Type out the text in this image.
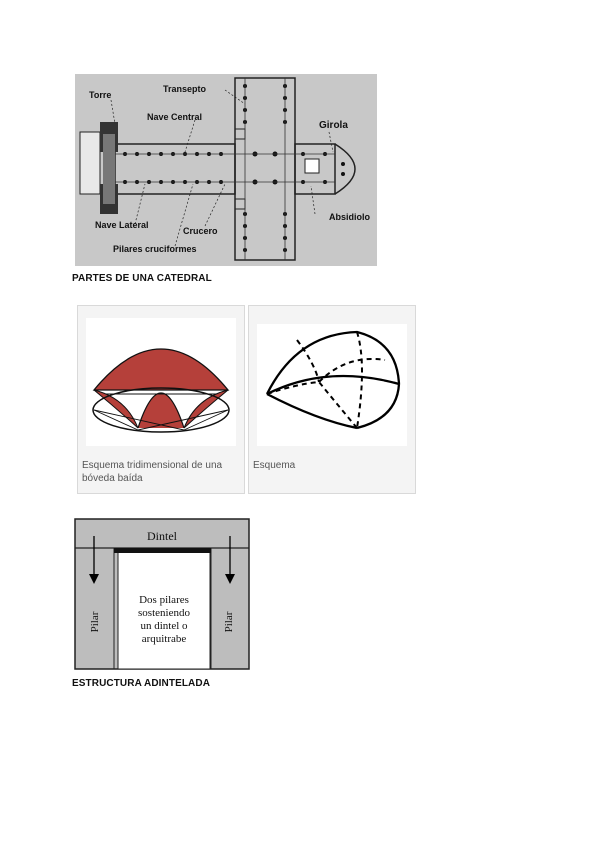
Torre
Transepto
Nave Central
Girola
Absidiolo
Nave Lateral
Crucero
Pilares cruciformes
PARTES DE UNA CATEDRAL
Esquema tridimensional de una
bóveda baída
Esquema
Dintel
Pilar	Pilar
Dos pilares
sosteniendo
un dintel o
arquitrabe
ESTRUCTURA ADINTELADA
